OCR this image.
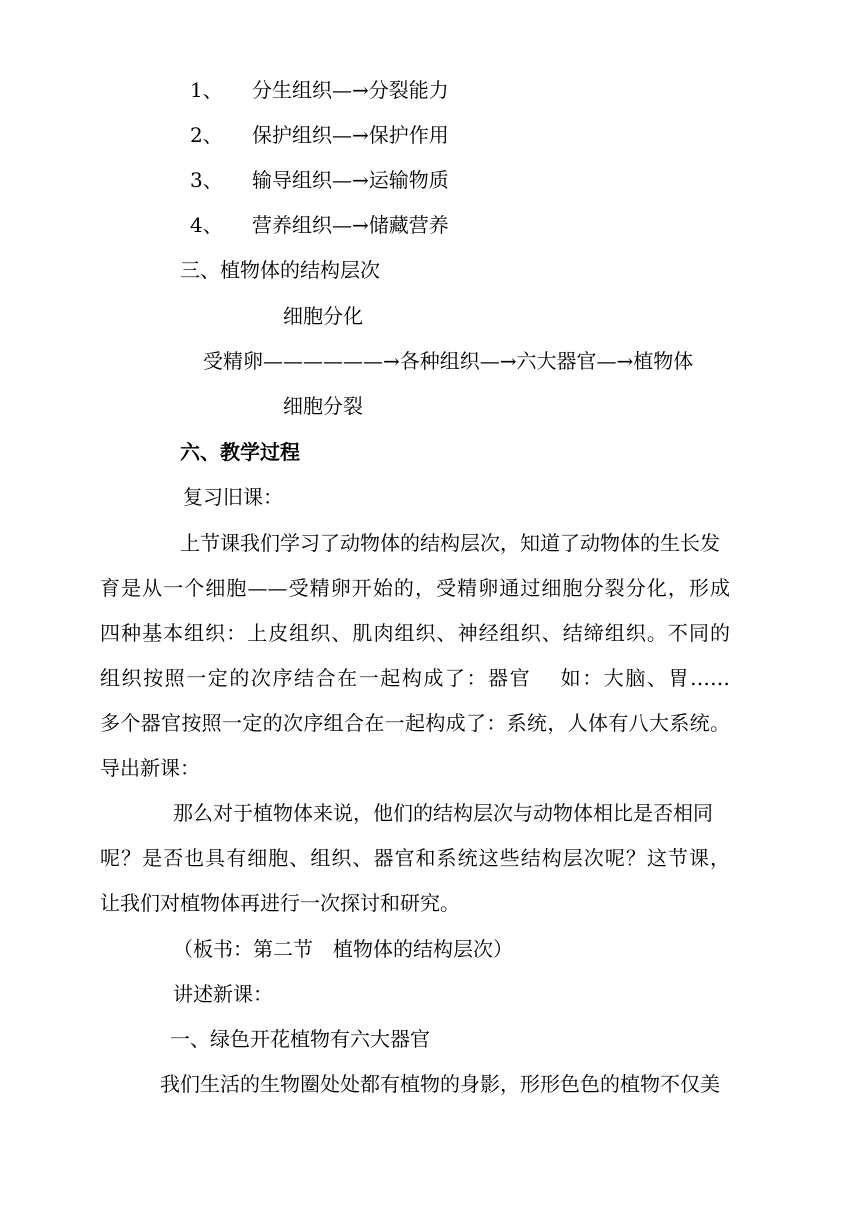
1、 分生组织—→分裂能力
2、 保护组织—→保护作用
3、 输导组织—→运输物质
4、 营养组织—→储藏营养

三、植物体的结构层次

细胞分化

受精卵——————→各种组织—→六大器官—→植物体

细胞分裂

六、教学过程

复习旧课：

上节课我们学习了动物体的结构层次，知道了动物体的生长发

育是从一个细胞——受精卵开始的，受精卵通过细胞分裂分化，形成

四种基本组织：上皮组织、肌肉组织、神经组织、结缔组织。不同的

组织按照一定的次序结合在一起构成了：器官　 如：大脑、胃……

多个器官按照一定的次序组合在一起构成了：系统，人体有八大系统。

导出新课：

那么对于植物体来说，他们的结构层次与动物体相比是否相同

呢？是否也具有细胞、组织、器官和系统这些结构层次呢？这节课，

让我们对植物体再进行一次探讨和研究。

（板书：第二节　植物体的结构层次）

讲述新课：

一、绿色开花植物有六大器官

我们生活的生物圈处处都有植物的身影，形形色色的植物不仅美
